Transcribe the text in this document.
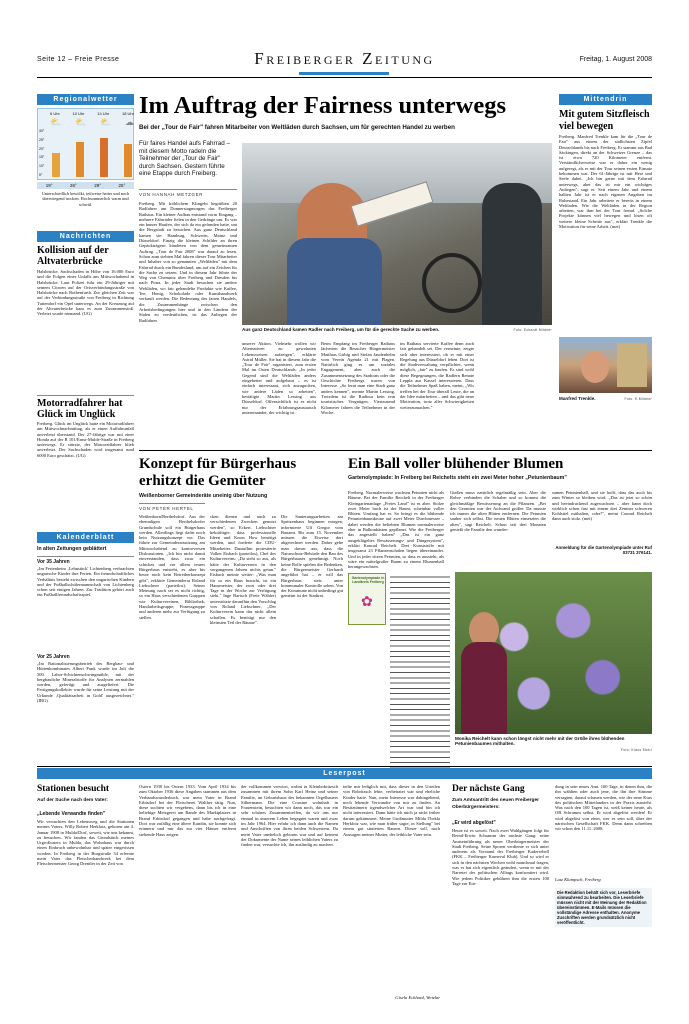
Seite 12 – Freie Presse	Freiberger Zeitung	Freitag, 1. August 2008
Regionalwetter
6 Uhr	10 Uhr	14 Uhr	18 Uhr
⛅ ⛅ ⛅ ☁
30°
25°
20°
15°
10°
5°
19°	26°	29°	25°
Unterschiedlich bewölkt, teilweise heiter und noch überwiegend trocken. Hochsommerlich warm und schwül.
Nachrichten
Kollision auf der Altvaterbrücke
Halsbrücke. Sachschaden in Höhe von 16.000 Euro und die Folgen eines Unfalls am Mittwochabend in Halsbrücke. Laut Polizei fuhr ein 29-Jähriger mit seinem Citroen auf der Ortsverbindungsstraße von Halsbrücke nach Rothenfurth. Zur gleichen Zeit war auf der Verbindungsstraße von Freiberg in Richtung Tuttendorf ein Opel unterwegs. An der Kreuzung auf der Altvaterbrücke kam es zum Zusammenstoß. Verletzt wurde niemand. (UG)
Motorradfahrer hat Glück im Unglück
Freiberg. Glück im Unglück hatte ein Motorradfahrer am Mittwochnachmittag, als er einen Auffahrunfall unverletzt überstand. Der 27-Jährige war mit einer Honda auf der B 101/Ernst-Mulde-Straße in Freiberg unterwegs. Er stürzte, der Motorradfahrer blieb unverletzt. Der Sachschaden wird insgesamt rund 6000 Euro geschätzt. (UG)
Kalenderblatt
In alten Zeitungen geblättert
Vor 35 Jahren
„Im Ferienheim ‚Lehnstück' Lichtenberg verbrachten ungarische Kinder ihre Ferien. Ein freundschaftliches Verhältnis besteht zwischen den ungarischen Kindern und der Fußballschülermannschaft von Lichtenberg schon seit einigen Jahren. Zur Tradition gehört auch ein Fußballfreundschaftsspiel.
Vor 25 Jahren
„Im Rationalisierungsbetrieb des Bergbau- und Hüttenkombinates Albert Funk wurde im Juli die 500. Labor-Schichtenschwingmühle, mit der bergbauliche Mineralstoffe für Analysen zermahlen werden, gefertigt und ausgeliefert. Die Fertigungskollektiv wurde für seine Leistung mit der Urkunde ‚Qualitätsarbeit in Gold' ausgezeichnet." (IBG)
Im Auftrag der Fairness unterwegs
Bei der „Tour de Fair" fahren Mitarbeiter von Weltläden durch Sachsen, um für gerechten Handel zu werben
Für faires Handel aufs Fahrrad – mit diesem Motto radeln die Teilnehmer der „Tour de Fair" durch Sachsen. Gestern führte eine Etappe durch Freiberg.
VON HANNAH METZGER
Freiberg. Mit fröhlichem Klingeln begrüßten 20 Radfahrer am Donnerstagmorgen das Freiberger Rathaus. Ein kleiner Aufbau entstand vorm Eingang – mehrere Fahrräder fielen in den Gedränge um. Es war ein bunter Haufen, der sich da ein gefunden hatte, um die Bergstadt zu besuchen. Aus ganz Deutschland kamen sie: Hamburg, Schwerin, Mainz und Düsseldorf. Einzig die kleinen Schilder an ihren Gepäckträgern kündeten von dem gemeinsamen Auftrag. „Tour de Fair 2008" war darauf zu lesen. Schon zum siebten Mal fahren dieser Tour Mitarbeiter und Inhaber von so genannten „Weltläden" mit dem Fahrrad durch ein Bundesland, um auf ein Zeichen für die Sache zu setzen. Und in diesem Jahr führte der Weg von Chemnitz über Freiberg und Dresden bis nach Pirna. In jeder Stadt besuchen sie andere Weltläden, wo fair gehandelte Produkte wie Kaffee, Tee, Honig, Schokolade oder Kunsthandwerk verkauft werden. Die Bedeutung des fairen Handels, die Zusammenhänge zwischen den Arbeitsbedingungen hier und in den Ländern der Süden zu verdeutlichen, ist das Anliegen der Radfahrer.
Aus ganz Deutschland kamen Radler nach Freiberg, um für die gerechte Sache zu werben.	Foto: Eckardt Mildner
unserer Aktion. Vielmehr wollen wir Alternativen zu gewohnten Lebensweisen aufzeigen", erklärte Astrid Müller. Sie hat in diesem Jahr die „Tour de Fair" organisiert, zum ersten Mal im Osten Deutschlands. „In jeder Gegend sind die Weltläden anders eingebettet und aufgebaut – es ist einfach interessant, sich anzugucken, wie andere Läden so arbeiten", bestätigte Martin Lessing aus Düsseldorf. Offensichtlich ist es nicht nur der Erfahrungsaustausch untereinander, der wichtig ist.
Beim Empfang im Freiberger Rathaus lächerten die Besucher Bürgermeister Matthias Girbig und Stefan Jaudenhelm vom Verein Agenda 21 mit Plagen. Natürlich ging es um soziales Engagement, aber auch die Zusammensetzung des Stadtrats oder die Geschichte Freibergs waren von Interesse. „So lernt man eine Stadt ganz anders kennen", meinte Martin Lessing. Trotzdem ist die Radtour kein rein touristisches Vergnügen. Viertausend Kilometer fahren die Teilnehmer in der Woche.
im Rathaus servierte Kaffee denn auch fair gehandelt sei. Der verneinte, zeigte sich aber interessiert, ob er mit einer Regelung aus Düsseldorf leben. Dort ist die Stadtverwaltung verpflichtet, wenn möglich, „fair" zu kaufen. Es sind wohl diese Begegnungen, die Radlern Renate Leppla aus Kassel interessieren. Dass die Teilnehmer Spaß haben, meint, „Wir treffen bei der Tour überall Leute, die an der Idee mitarbeiten – und das gibt neue Motivation, trotz aller Schwierigkeiten weiterzumachen."
Mittendrin
Mit gutem Sitzfleisch viel bewegen
Freiberg. Manfred Trenkle kam für die „Tour de Fair" aus einem der südlichsten Zipfel Deutschlands bis nach Freiberg. Er stammt aus Bad Säckingen, direkt an der Schweizer Grenze – das ist etwa 720 Kilometer entfernt. Verständlicherweise war er daher ein wenig aufgeregt, als er mit der Tour seinen ersten Einsatz bekommen war. Der 61-Jährige ist mit Herz und Seele dabei. „Ich bin gerne mit dem Fahrrad unterwegs, aber das ist mir ein wichtiges Anliegen", sagt er. Seit einem Jahr und einem halben Jahr ist er nach eigenen Angaben im Ruhestand. Ein Jahr arbeitete er bereits in einem Weltladen. Wie die Weltläden in der Region arbeiten, war ihm bei der Tour fremd. „Solche Projekte können viel bewegen und lösen oft weitere kleine Schritte aus", erklärt Trenkle die Motivation für seine Arbeit. (met)
Manfred Trenkle.	Foto: E.Mildner
Konzept für Bürgerhaus erhitzt die Gemüter
Weißenborner Gemeinderäte uneinig über Nutzung
VON PETER HERTEL
Weißenborn/Berthelsdorf. Aus der ehemaligen Berthelsdorfer Grundschule soll ein Bürgerhaus werden. Allerdings liegt dafür noch kein Nutzungskonzept vor. Das führte zur Gemeinderatssitzung am Mittwochabend zu kontroversen Diskussionen. „Ich bin nicht damit einverstanden, dass zwar ein schickes und vor allem teures Bürgerhaus entsteht, es aber bis heute noch kein Betreiberkonzept gibt", erklärte Gemeinderat Roland Liebschner (parteilos). Seiner Meinung nach sei es nicht richtig, so ein Haus verschiedenen Gruppen wie Kulturvereinen, Bibliothek, Handarbeitsgruppe, Fitnessgruppe und anderen mehr zur Verfügung zu stellen.
cken dienen und auch zu verschiedenen Zwecken genutzt werden", so Eckert. Liebschner bekräftigte, dass professionelle Ideen und Know How benötigt werden, und forderte die CDU-Mitarbeiter. Daraufhin protestierte Volker Eisbach (parteilos), Chef des Kulturvereins: „Da steht so aus, als hätte der Kulturverein in den vergangenen Jahren nichts getan." Eisbach meinte weiter: „Was man für so ein Haus braucht, ist ein Hausmeister, der zwei oder drei Tage in der Woche zur Verfügung steht." Inge Bartsch (Freie Wähler) unterstützte daraufhin den Vorschlag von Roland Liebschner, „Der Kulturverein kann das nicht allein schaffen. Es benötigt nur den kleinsten Teil der Räume".
Die Sanierungsarbeiten am Spritzenhaus beginnen morgen, informierte Ulf Gregor vom Bauamt. Bis zum 15. November müssen die Eiweise dort abgerechnet werden. Daher gehe man davon aus, dass die Naturschutz-Behörde den Bau des Bürgerhauses genehmigt. Noch keine Rolle spielen die Bedenken, die Bürgermeister Gerhardt angeführt hat – er will das Bürgerhaus stets unter kommunaler Kontrolle sehen. Von der Kommune nicht unbedingt gut gemeint ist der Stadtrat.
Ein Ball voller blühender Blumen
Gartenolympiade: In Freiberg bei Reichelts steht ein zwei Meter hoher „Petunienbaum"
Freiberg. Normalerweise wachsen Petunien nicht als Bäume. Bei der Familie Reichelt in der Freiberger Kleingartenanlage „Freies Land" ist es aber. Stolze zwei Meter hoch ist der Baum, scheinbar voller Blüten. Umfang hat er. So bringt es die blühende Petunienbaumkrone auf zwei Meter Durchmesser – dabei werden die beliebten Blumen normalerweise eher in Balkonkästen gepflanzt. Wie die Freiberger das angestellt haben? „Das ist ein ganz ausgeklügeltes Bewässerungs- und Düngesystem", erklärt Konrad Reichelt. Drei Kunststoffe mit insgesamt 23 Pflanzenschalen liegen übereinander. Und in jeder sitzen Petunien, so dass es aussieht, als wäre ein mittelgroßer Baum zu einem Blumenball herangewachsen.
Gießen muss natürlich regelmäßig sein. Aber die Rohre verbinden die Schalen und so kommt die gleichmäßige Bewässerung an die Pflanzen. „Bei den Geranien war der Aufwand größer. Da musste ich immer die alten Blüten entfernen. Die Petunien sauber sich selbst. Die neuen Blüten einsetzten die alten", sagt Reichelt. Schon seit drei Monaten genießt die Familie den wunder-
samen Petunienball, und sie hofft, dass das auch bis zum Winter so bleiben wird. „Das ist jetzt so schön und beeindruckend zugewachsen – aber kann doch wirklich schon fast mit einem drei Zentner schweren Kohlstiel mithalten, oder?", meint Conrad Reichelt dann auch stolz. (met)
Anmeldung für die Gartenolympiade unter Ruf 03731 376141.
Gartenolympiade in Landkreis Freiberg
✿
Monika Reichelt kann schon längst nicht mehr mit der Größe ihres blühenden Petunienbaumes mithalten.
Foto: Klaus Eberl
Leserpost
Stationen besucht
Auf der Suche nach dem Vater:
„Lebende Verwandte finden"
Wir versuchten den Lebensweg und die Stationen meines Vaters, Willy Robert Herklotz, geboren am 4. Januar 1908 in Mulda/Dorf, soweit, wie uns bekannt, zu besuchen. Wir fanden das Grundstück meines Urgroßvaters in Mulda, das Wohnhaus war durch einen Einbruch unbewohnbar und später eingerissen worden. In Freiberg in der Burgstraße 34 erlernte mein Vater das Fleischerhandwerk bei dem Fleischermeister Georg Drentler in der Zeit von
Ostern 1930 bis Ostern 1933. Vom April 1934 bis zum Oktober 1936 diese Angaben stammen aus dem Verbandswunderbuch, war mein Vater in Brand Erbisdorf bei der Fleischerei Walther tätig. Nun, diese suchten wir vergebens, dann bis ich in eine beliebige Metzgerei am Rande des Marktplatzes in Brand Erbisdorf gegangen und habe nachgefragt. Dort war zufällig eine ältere Kundin, sie konnte sich erinnern und mir das zur vier Häuser entfernt stehende Haus zeigen.
der vollkommen verwirrt, wohnt in Kleinbobritzsch zusammen mit ihrem Sohn Karl Heinz und seiner Familie, im Geburtshaus des bekannten Orgelbauers Silbermann. Die eine Cousine wohnhaft in Frauenstein, besuchten wir dann noch, das war ein sehr schönes Zusammentreffen, da wir uns nur einmal in unserem Leben begegnet waren und zwar im Jahr 1964. Hier erfuhr ich dann auch die Namen und Anschriften von ihren beiden Schwestern. Da mein Vater unehelich geboren war und auf keinem der Dokumente der Name seines leiblichen Vaters zu finden war, versuchte ich, ihn ausfindig zu machen.
teilte mir lediglich mit, dass dieser in den Urteilen von Bobritzsch lebte, verheiratet war und eheliche Kinder hatte. Nun, mein Interesse war dahingehend, noch lebende Verwandte von mir zu finden. An Besitztümern irgendwelcher Art war und bin ich nicht interessiert. Dann hätte ich mich ja nicht früher darum gekümmert. Meine Großmutter Milda Thekla Herklotz war, wie man früher sagte, in Stellung" bei einem gut situierten Bauern. Dieser soll, nach Aussagen meiner Mutter, der leibliche Vater sein.
Gisela Eckhard, Wetzlar
Der nächste Gang
Zum Amtsantritt des neuen Freiberger Oberbürgermeisters:
„Er wird abgelöst"
Heute ist es soweit. Nach zwei Wahlgängen folgt für Bernd-Erwin Schramm der nächste Gang: seine Amtseinführung als neuer Oberbürgermeister der Stadt Freiberg. Seine Sporen verdiente er sich unter anderem als Vorstand der Freiberger Kaderrebell (FKK – Freiberger Karneval Klub). Und so wird er sich in den nächsten Wochen wohl manchmal fragen, was er hat sich eigentlich geändert, wenn er mit der Narretei der politischen Alltags konfrontiert wird. Wie jedem Politiker gebühren ihm die ersten 100 Tage zur Ein-
dung in sein neues Amt. 100 Tage, in denen ihm, die ihn wählten oder auch jene, die ihn ihre Stimme versagten, darauf schauen werden, wie der neue Kurs des politischen Mitteilanders in der Praxis aussieht. Was nach den 100 Tagen ist, weiß keiner heute, als OB Schramm selbst. Er wird abgelöst werden! Er wird abgelöst von einer, wer es sein soll, über der närrischen Gesellschaft FKK. Denn dann schreiben wir schon den 11.11. 2008.
Lutz Klumpsch, Freiberg
Die Redaktion behält sich vor, Leserbriefe sinnwahrend zu bearbeiten. Die Leserbriefe müssen nicht mit der Meinung der Redaktion übereinstimmen. E-Mails müssen die vollständige Adresse enthalten. Anonyme Zuschriften werden grundsätzlich nicht veröffentlicht.
